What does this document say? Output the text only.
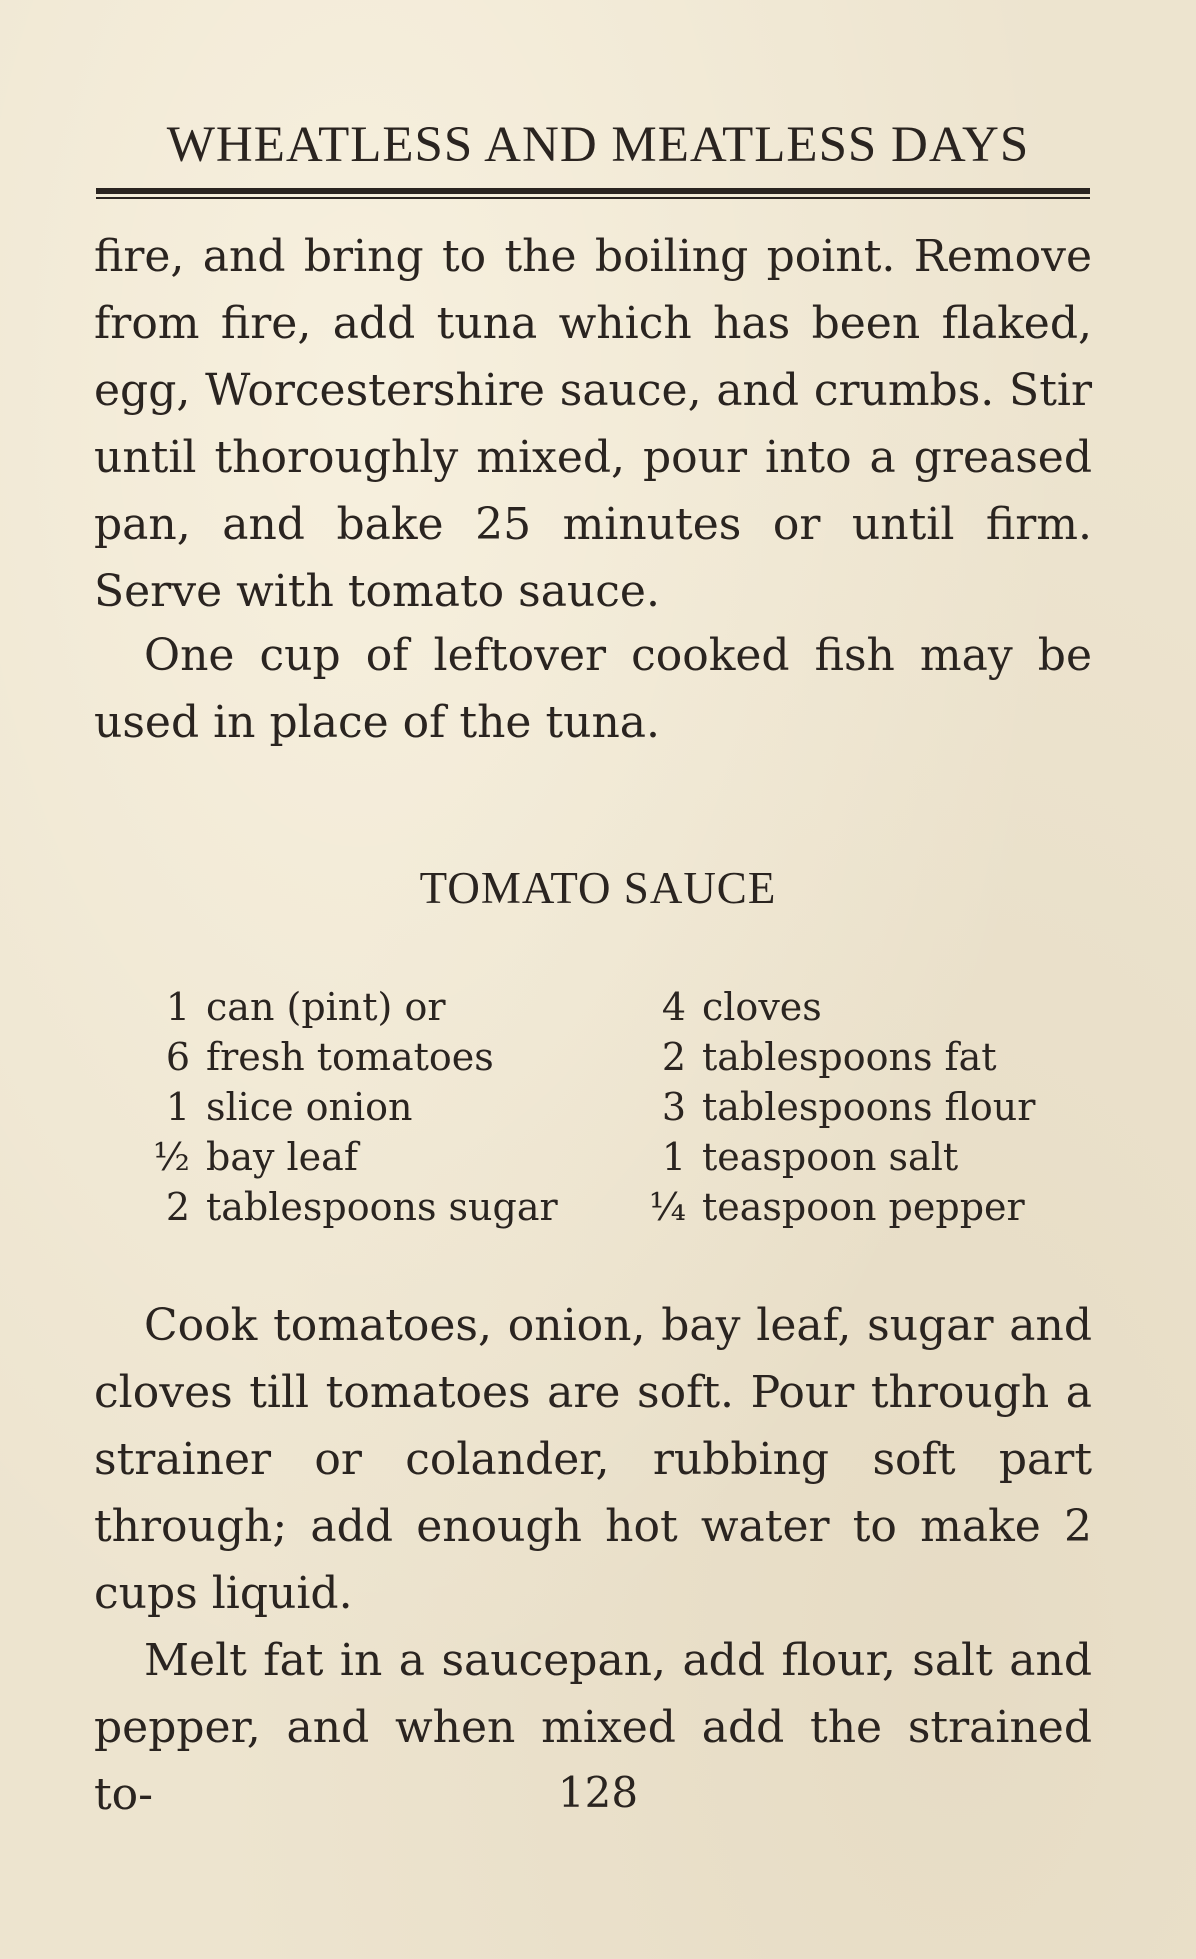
WHEATLESS AND MEATLESS DAYS

fire, and bring to the boiling point. Remove from fire, add tuna which has been flaked, egg, Worcestershire sauce, and crumbs. Stir until thoroughly mixed, pour into a greased pan, and bake 25 minutes or until firm. Serve with tomato sauce.

One cup of leftover cooked fish may be used in place of the tuna.

TOMATO SAUCE
1 can (pint) or
6 fresh tomatoes
1 slice onion
½ bay leaf
2 tablespoons sugar
4 cloves
2 tablespoons fat
3 tablespoons flour
1 teaspoon salt
¼ teaspoon pepper

Cook tomatoes, onion, bay leaf, sugar and cloves till tomatoes are soft. Pour through a strainer or colander, rubbing soft part through; add enough hot water to make 2 cups liquid.

Melt fat in a saucepan, add flour, salt and pepper, and when mixed add the strained to-	128
